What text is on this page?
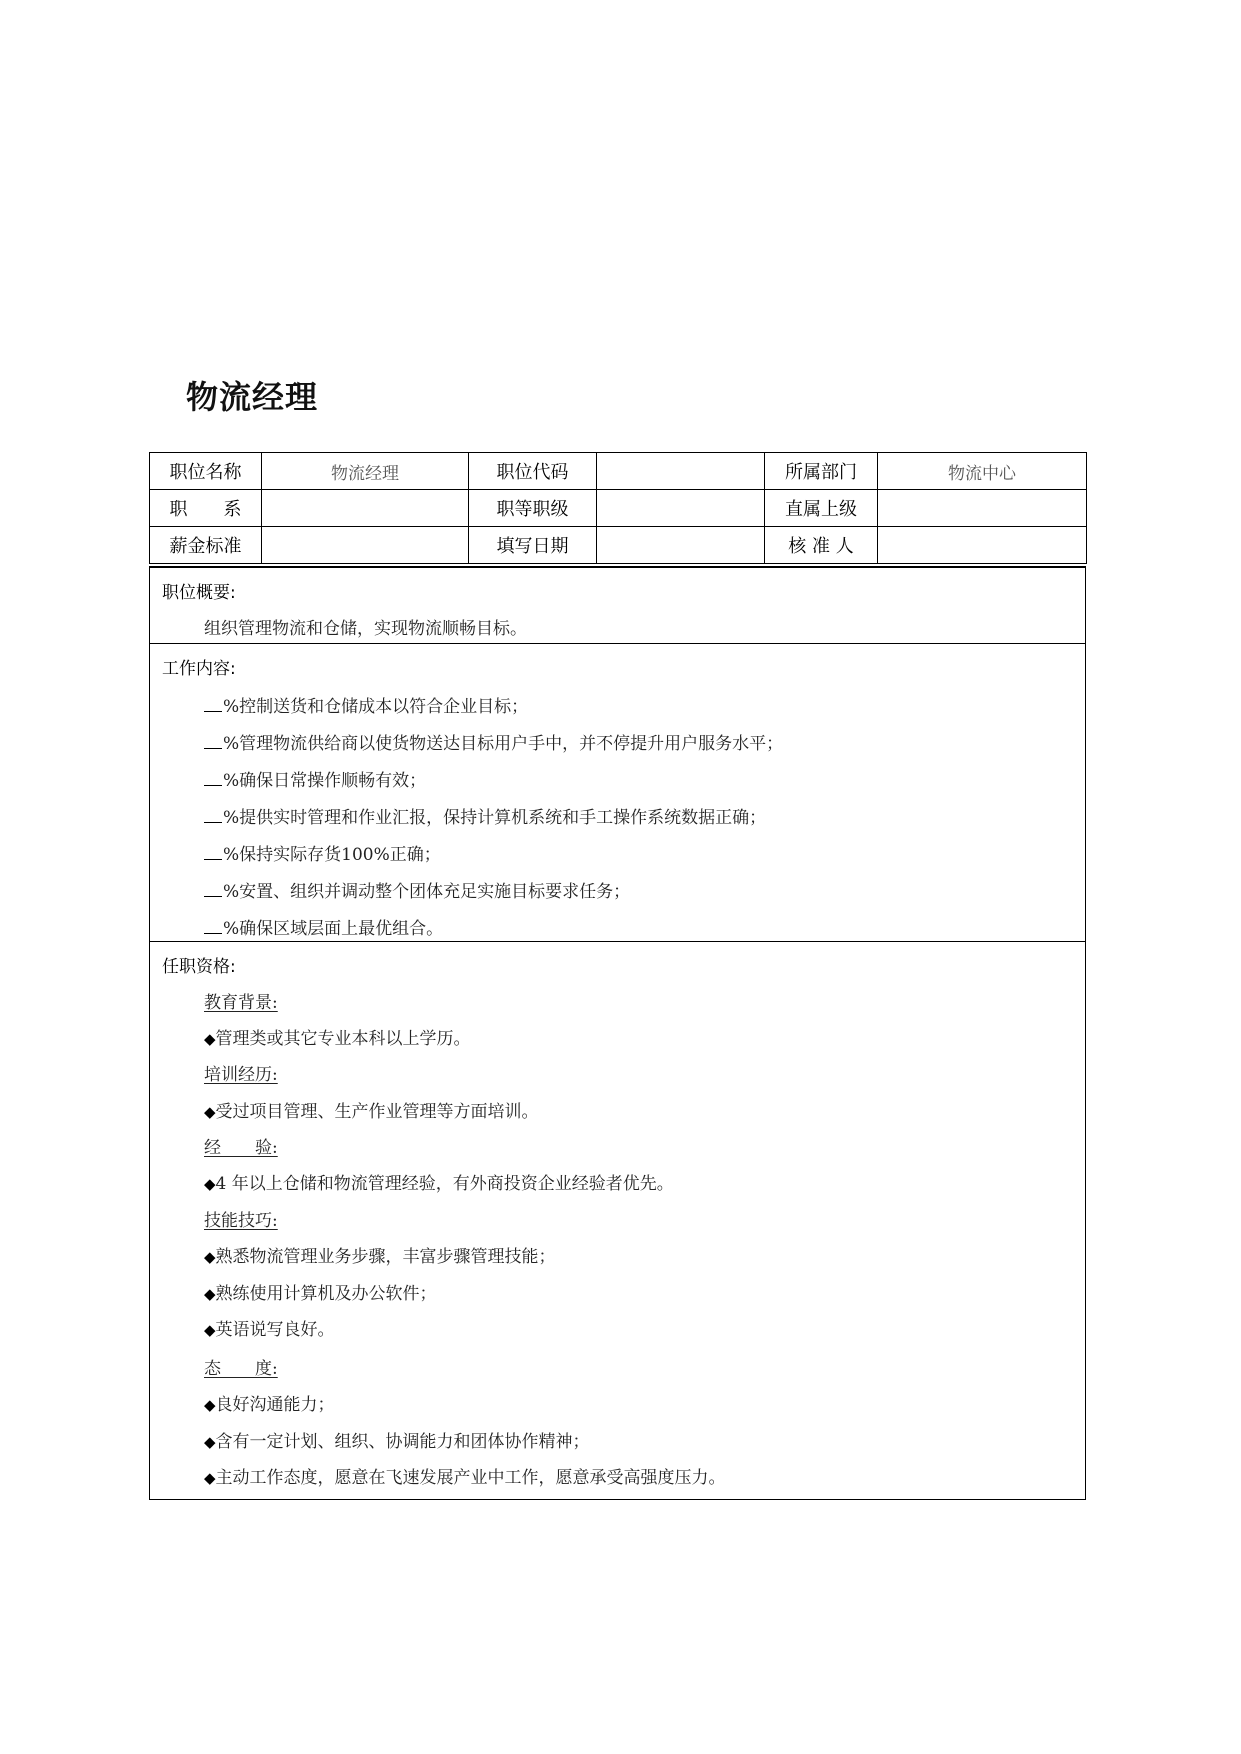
物流经理
职位名称	物流经理	职位代码		所属部门	物流中心
职　　系		职等职级		直属上级	
薪金标准		填写日期		核 准 人	
职位概要:
组织管理物流和仓储，实现物流顺畅目标。
工作内容:
%控制送货和仓储成本以符合企业目标；
%管理物流供给商以使货物送达目标用户手中，并不停提升用户服务水平；
%确保日常操作顺畅有效；
%提供实时管理和作业汇报，保持计算机系统和手工操作系统数据正确；
%保持实际存货100%正确；
%安置、组织并调动整个团体充足实施目标要求任务；
%确保区域层面上最优组合。
任职资格:
教育背景:
◆管理类或其它专业本科以上学历。
培训经历:
◆受过项目管理、生产作业管理等方面培训。
经　　验:
◆4 年以上仓储和物流管理经验，有外商投资企业经验者优先。
技能技巧:
◆熟悉物流管理业务步骤，丰富步骤管理技能；
◆熟练使用计算机及办公软件；
◆英语说写良好。
态　　度:
◆良好沟通能力；
◆含有一定计划、组织、协调能力和团体协作精神；
◆主动工作态度，愿意在飞速发展产业中工作，愿意承受高强度压力。
